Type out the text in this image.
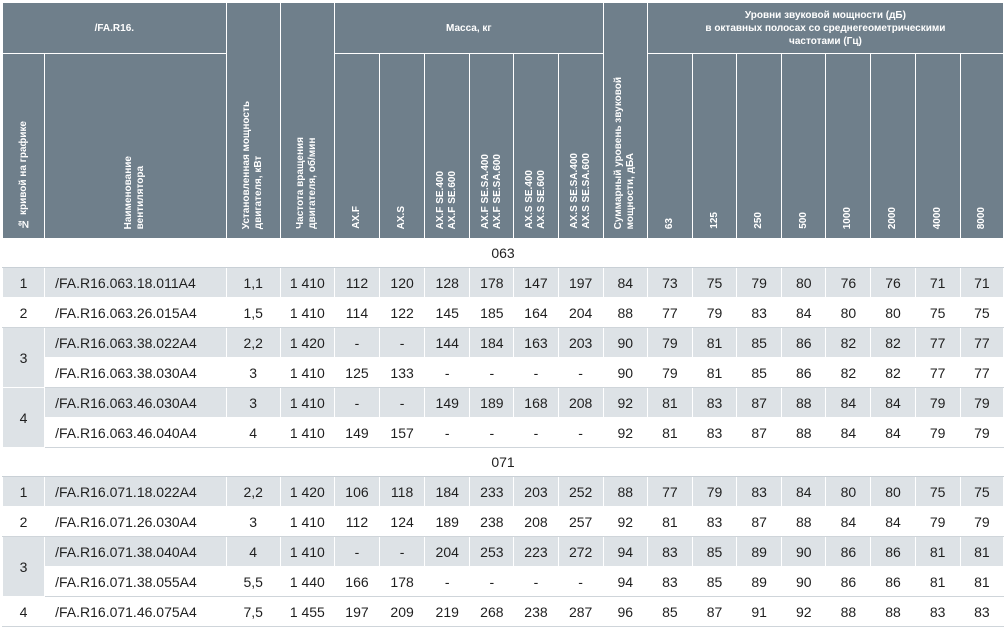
/FA.R16.		Установленная мощность
двигателя, кВт	Частота вращения
двигателя, об/мин	Масса, кг						Суммарный уровень звуковой
мощности, дБА	Уровни звуковой мощности (дБ)
в октавных полосах со среднегеометрическими
частотами (Гц)							

№ кривой на графике	Наименование
вентилятора			AX.F	AX.S	AX.F SE.400
AX.F SE.600	AX.F SE.SA.400
AX.F SE.SA.600	AX.S SE.400
AX.S SE.600	AX.S SE.SA.400
AX.S SE.SA.600		63	125	250	500	1000	2000	4000	8000
063																		
1	/FA.R16.063.18.011A4	1,1	1 410	112	120	128	178	147	197	84	73	75	79	80	76	76	71	71
2	/FA.R16.063.26.015A4	1,5	1 410	114	122	145	185	164	204	88	77	79	83	84	80	80	75	75
3	/FA.R16.063.38.022A4	2,2	1 420	-	-	144	184	163	203	90	79	81	85	86	82	82	77	77
	/FA.R16.063.38.030A4	3	1 410	125	133	-	-	-	-	90	79	81	85	86	82	82	77	77
4	/FA.R16.063.46.030A4	3	1 410	-	-	149	189	168	208	92	81	83	87	88	84	84	79	79
	/FA.R16.063.46.040A4	4	1 410	149	157	-	-	-	-	92	81	83	87	88	84	84	79	79
071																		
1	/FA.R16.071.18.022A4	2,2	1 420	106	118	184	233	203	252	88	77	79	83	84	80	80	75	75
2	/FA.R16.071.26.030A4	3	1 410	112	124	189	238	208	257	92	81	83	87	88	84	84	79	79
3	/FA.R16.071.38.040A4	4	1 410	-	-	204	253	223	272	94	83	85	89	90	86	86	81	81
	/FA.R16.071.38.055A4	5,5	1 440	166	178	-	-	-	-	94	83	85	89	90	86	86	81	81
4	/FA.R16.071.46.075A4	7,5	1 455	197	209	219	268	238	287	96	85	87	91	92	88	88	83	83
